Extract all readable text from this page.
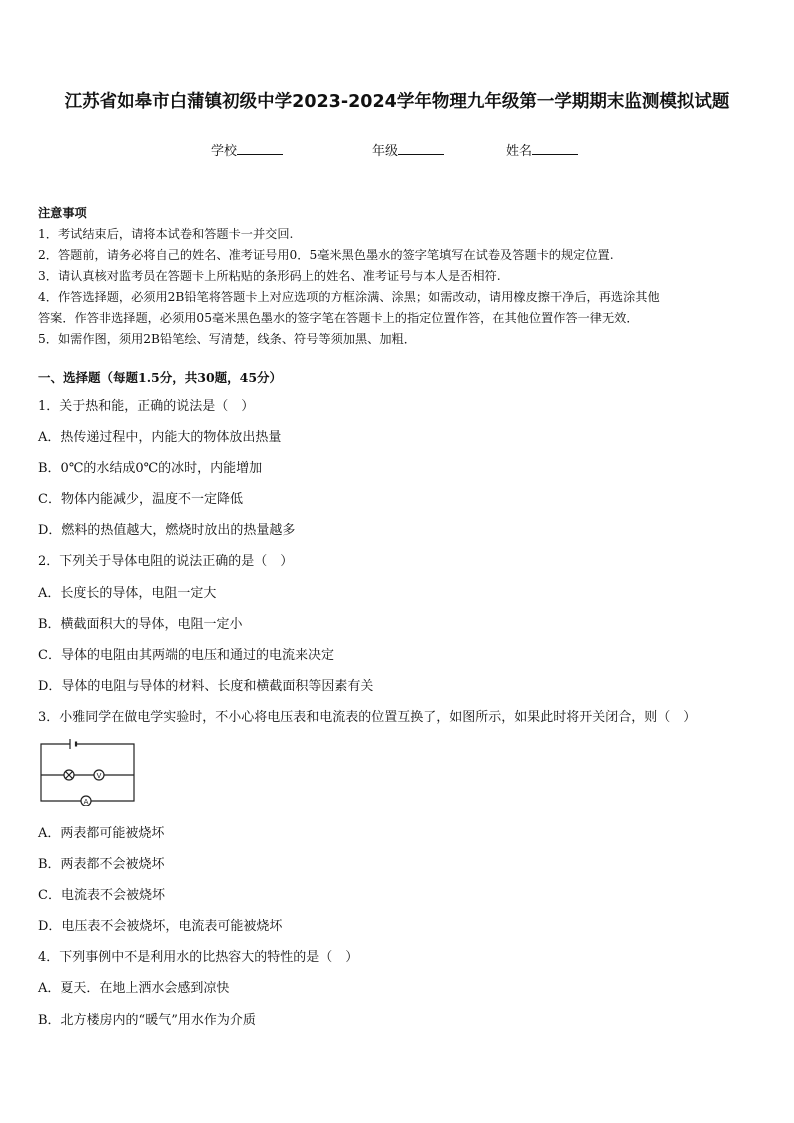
江苏省如皋市白蒲镇初级中学2023-2024学年物理九年级第一学期期末监测模拟试题
学校	年级	姓名
注意事项
1．考试结束后，请将本试卷和答题卡一并交回.
2．答题前，请务必将自己的姓名、准考证号用0．5毫米黑色墨水的签字笔填写在试卷及答题卡的规定位置.
3．请认真核对监考员在答题卡上所粘贴的条形码上的姓名、准考证号与本人是否相符.
4．作答选择题，必须用2B铅笔将答题卡上对应选项的方框涂满、涂黑；如需改动，请用橡皮擦干净后，再选涂其他
答案．作答非选择题，必须用05毫米黑色墨水的签字笔在答题卡上的指定位置作答，在其他位置作答一律无效．
5．如需作图，须用2B铅笔绘、写清楚，线条、符号等须加黑、加粗．
一、选择题（每题1.5分，共30题，45分）
1．关于热和能，正确的说法是（　）
A．热传递过程中，内能大的物体放出热量
B．0℃的水结成0℃的冰时，内能增加
C．物体内能减少，温度不一定降低
D．燃料的热值越大，燃烧时放出的热量越多
2．下列关于导体电阻的说法正确的是（　）
A．长度长的导体，电阻一定大
B．横截面积大的导体，电阻一定小
C．导体的电阻由其两端的电压和通过的电流来决定
D．导体的电阻与导体的材料、长度和横截面积等因素有关
3．小雅同学在做电学实验时，不小心将电压表和电流表的位置互换了，如图所示，如果此时将开关闭合，则（　）
A．两表都可能被烧坏
B．两表都不会被烧坏
C．电流表不会被烧坏
D．电压表不会被烧坏，电流表可能被烧坏
4．下列事例中不是利用水的比热容大的特性的是（　）
A．夏天．在地上洒水会感到凉快
B．北方楼房内的“暖气”用水作为介质
V
A
